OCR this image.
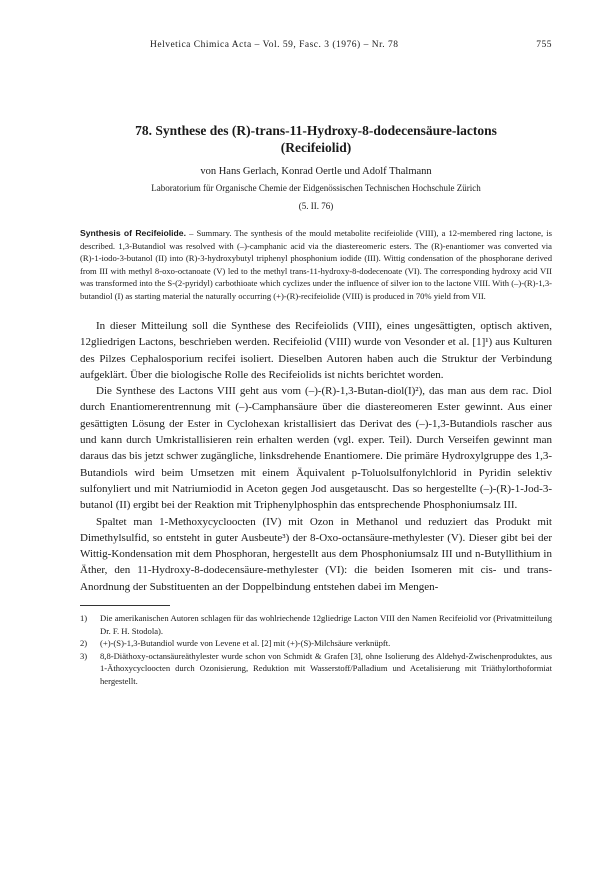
Helvetica Chimica Acta – Vol. 59, Fasc. 3 (1976) – Nr. 78	755
78. Synthese des (R)-trans-11-Hydroxy-8-dodecensäure-lactons
(Recifeiolid)
von Hans Gerlach, Konrad Oertle und Adolf Thalmann
Laboratorium für Organische Chemie der Eidgenössischen Technischen Hochschule Zürich
(5. II. 76)
Synthesis of Recifeiolide. – Summary. The synthesis of the mould metabolite recifeiolide (VIII), a 12-membered ring lactone, is described. 1,3-Butandiol was resolved with (–)-camphanic acid via the diastereomeric esters. The (R)-enantiomer was converted via (R)-1-iodo-3-butanol (II) into (R)-3-hydroxybutyl triphenyl phosphonium iodide (III). Wittig condensation of the phosphorane derived from III with methyl 8-oxo-octanoate (V) led to the methyl trans-11-hydroxy-8-dodecenoate (VI). The corresponding hydroxy acid VII was transformed into the S-(2-pyridyl) carbothioate which cyclizes under the influence of silver ion to the lactone VIII. With (–)-(R)-1,3-butandiol (I) as starting material the naturally occurring (+)-(R)-recifeiolide (VIII) is produced in 70% yield from VII.

In dieser Mitteilung soll die Synthese des Recifeiolids (VIII), eines ungesättigten, optisch aktiven, 12gliedrigen Lactons, beschrieben werden. Recifeiolid (VIII) wurde von Vesonder et al. [1]¹) aus Kulturen des Pilzes Cephalosporium recifei isoliert. Dieselben Autoren haben auch die Struktur der Verbindung aufgeklärt. Über die biologische Rolle des Recifeiolids ist nichts berichtet worden.

Die Synthese des Lactons VIII geht aus vom (–)-(R)-1,3-Butan-diol(I)²), das man aus dem rac. Diol durch Enantiomerentrennung mit (–)-Camphansäure über die diastereomeren Ester gewinnt. Aus einer gesättigten Lösung der Ester in Cyclohexan kristallisiert das Derivat des (–)-1,3-Butandiols rascher aus und kann durch Umkristallisieren rein erhalten werden (vgl. exper. Teil). Durch Verseifen gewinnt man daraus das bis jetzt schwer zugängliche, linksdrehende Enantiomere. Die primäre Hydroxylgruppe des 1,3-Butandiols wird beim Umsetzen mit einem Äquivalent p-Toluolsulfonylchlorid in Pyridin selektiv sulfonyliert und mit Natriumiodid in Aceton gegen Jod ausgetauscht. Das so hergestellte (–)-(R)-1-Jod-3-butanol (II) ergibt bei der Reaktion mit Triphenylphosphin das entsprechende Phosphoniumsalz III.

Spaltet man 1-Methoxycycloocten (IV) mit Ozon in Methanol und reduziert das Produkt mit Dimethylsulfid, so entsteht in guter Ausbeute³) der 8-Oxo-octansäure-methylester (V). Dieser gibt bei der Wittig-Kondensation mit dem Phosphoran, hergestellt aus dem Phosphoniumsalz III und n-Butyllithium in Äther, den 11-Hydroxy-8-dodecensäure-methylester (VI): die beiden Isomeren mit cis- und trans-Anordnung der Substituenten an der Doppelbindung entstehen dabei im Mengen-

1)	Die amerikanischen Autoren schlagen für das wohlriechende 12gliedrige Lacton VIII den Namen Recifeiolid vor (Privatmitteilung Dr. F. H. Stodola).
2)	(+)-(S)-1,3-Butandiol wurde von Levene et al. [2] mit (+)-(S)-Milchsäure verknüpft.
3)	8,8-Diäthoxy-octansäureäthylester wurde schon von Schmidt & Grafen [3], ohne Isolierung des Aldehyd-Zwischenproduktes, aus 1-Äthoxycycloocten durch Ozonisierung, Reduktion mit Wasserstoff/Palladium und Acetalisierung mit Triäthylorthoformiat hergestellt.
